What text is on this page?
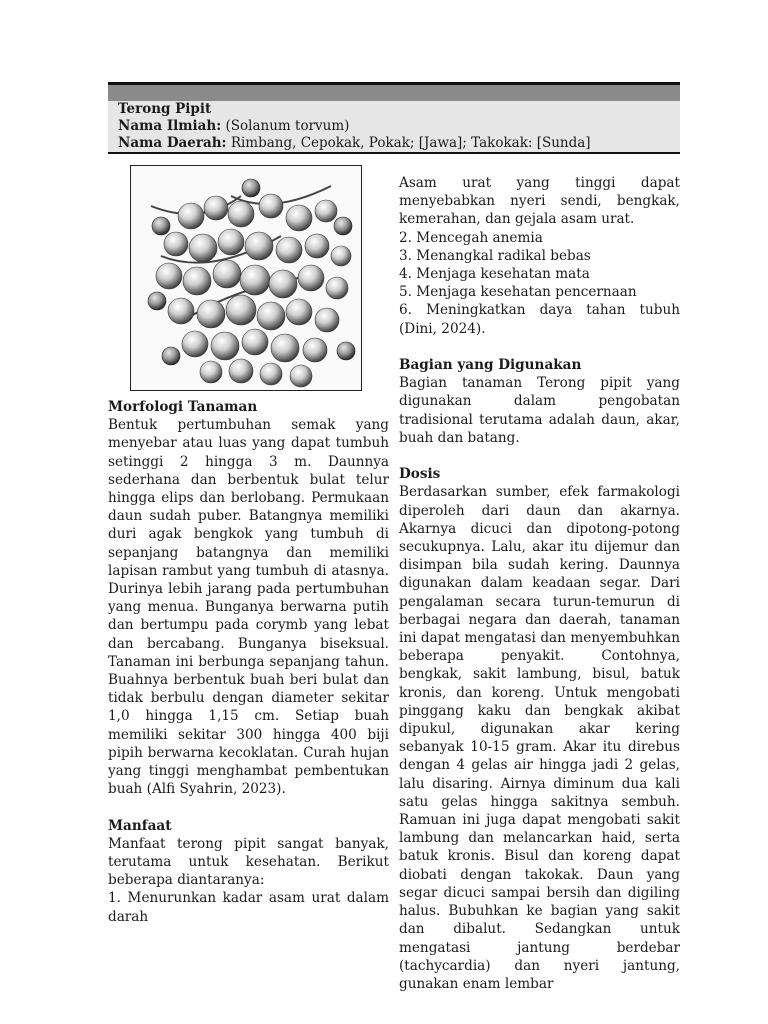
Terong Pipit
Nama Ilmiah: (Solanum torvum)
Nama Daerah: Rimbang, Cepokak, Pokak; [Jawa]; Takokak: [Sunda]

Morfologi Tanaman

Bentuk pertumbuhan semak yang menyebar atau luas yang dapat tumbuh setinggi 2 hingga 3 m. Daunnya sederhana dan berbentuk bulat telur hingga elips dan berlobang. Permukaan daun sudah puber. Batangnya memiliki duri agak bengkok yang tumbuh di sepanjang batangnya dan memiliki lapisan rambut yang tumbuh di atasnya. Durinya lebih jarang pada pertumbuhan yang menua. Bunganya berwarna putih dan bertumpu pada corymb yang lebat dan bercabang. Bunganya biseksual. Tanaman ini berbunga sepanjang tahun. Buahnya berbentuk buah beri bulat dan tidak berbulu dengan diameter sekitar 1,0 hingga 1,15 cm. Setiap buah memiliki sekitar 300 hingga 400 biji pipih berwarna kecoklatan. Curah hujan yang tinggi menghambat pembentukan buah (Alfi Syahrin, 2023).

Manfaat

Manfaat terong pipit sangat banyak, terutama untuk kesehatan. Berikut beberapa diantaranya:

1. Menurunkan kadar asam urat dalam darah

Asam urat yang tinggi dapat menyebabkan nyeri sendi, bengkak, kemerahan, dan gejala asam urat.

2. Mencegah anemia

3. Menangkal radikal bebas

4. Menjaga kesehatan mata

5. Menjaga kesehatan pencernaan

6. Meningkatkan daya tahan tubuh (Dini, 2024).

Bagian yang Digunakan

Bagian tanaman Terong pipit yang digunakan dalam pengobatan tradisional terutama adalah daun, akar, buah dan batang.

Dosis

Berdasarkan sumber, efek farmakologi diperoleh dari daun dan akarnya. Akarnya dicuci dan dipotong-potong secukupnya. Lalu, akar itu dijemur dan disimpan bila sudah kering. Daunnya digunakan dalam keadaan segar. Dari pengalaman secara turun-temurun di berbagai negara dan daerah, tanaman ini dapat mengatasi dan menyembuhkan beberapa penyakit. Contohnya, bengkak, sakit lambung, bisul, batuk kronis, dan koreng. Untuk mengobati pinggang kaku dan bengkak akibat dipukul, digunakan akar kering sebanyak 10-15 gram. Akar itu direbus dengan 4 gelas air hingga jadi 2 gelas, lalu disaring. Airnya diminum dua kali satu gelas hingga sakitnya sembuh. Ramuan ini juga dapat mengobati sakit lambung dan melancarkan haid, serta batuk kronis. Bisul dan koreng dapat diobati dengan takokak. Daun yang segar dicuci sampai bersih dan digiling halus. Bubuhkan ke bagian yang sakit dan dibalut. Sedangkan untuk mengatasi jantung berdebar (tachycardia) dan nyeri jantung, gunakan enam lembar
